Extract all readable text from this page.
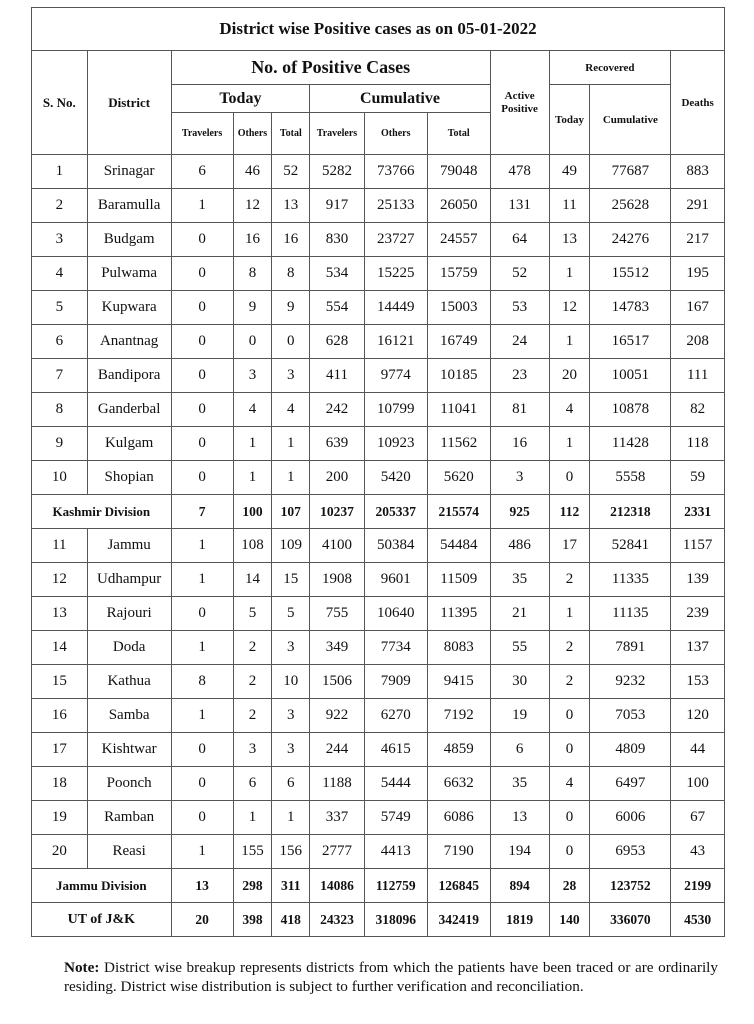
District wise Positive cases as on 05-01-2022											
S. No.	District	No. of Positive Cases						Active Positive	Recovered		Deaths
		Today			Cumulative				Today	Cumulative	
		Travelers	Others	Total	Travelers	Others	Total				
1	Srinagar	6	46	52	5282	73766	79048	478	49	77687	883
2	Baramulla	1	12	13	917	25133	26050	131	11	25628	291
3	Budgam	0	16	16	830	23727	24557	64	13	24276	217
4	Pulwama	0	8	8	534	15225	15759	52	1	15512	195
5	Kupwara	0	9	9	554	14449	15003	53	12	14783	167
6	Anantnag	0	0	0	628	16121	16749	24	1	16517	208
7	Bandipora	0	3	3	411	9774	10185	23	20	10051	111
8	Ganderbal	0	4	4	242	10799	11041	81	4	10878	82
9	Kulgam	0	1	1	639	10923	11562	16	1	11428	118
10	Shopian	0	1	1	200	5420	5620	3	0	5558	59
Kashmir Division		7	100	107	10237	205337	215574	925	112	212318	2331
11	Jammu	1	108	109	4100	50384	54484	486	17	52841	1157
12	Udhampur	1	14	15	1908	9601	11509	35	2	11335	139
13	Rajouri	0	5	5	755	10640	11395	21	1	11135	239
14	Doda	1	2	3	349	7734	8083	55	2	7891	137
15	Kathua	8	2	10	1506	7909	9415	30	2	9232	153
16	Samba	1	2	3	922	6270	7192	19	0	7053	120
17	Kishtwar	0	3	3	244	4615	4859	6	0	4809	44
18	Poonch	0	6	6	1188	5444	6632	35	4	6497	100
19	Ramban	0	1	1	337	5749	6086	13	0	6006	67
20	Reasi	1	155	156	2777	4413	7190	194	0	6953	43
Jammu Division		13	298	311	14086	112759	126845	894	28	123752	2199
UT of J&K		20	398	418	24323	318096	342419	1819	140	336070	4530
Note: District wise breakup represents districts from which the patients have been traced or are ordinarily residing. District wise distribution is subject to further verification and reconciliation.
